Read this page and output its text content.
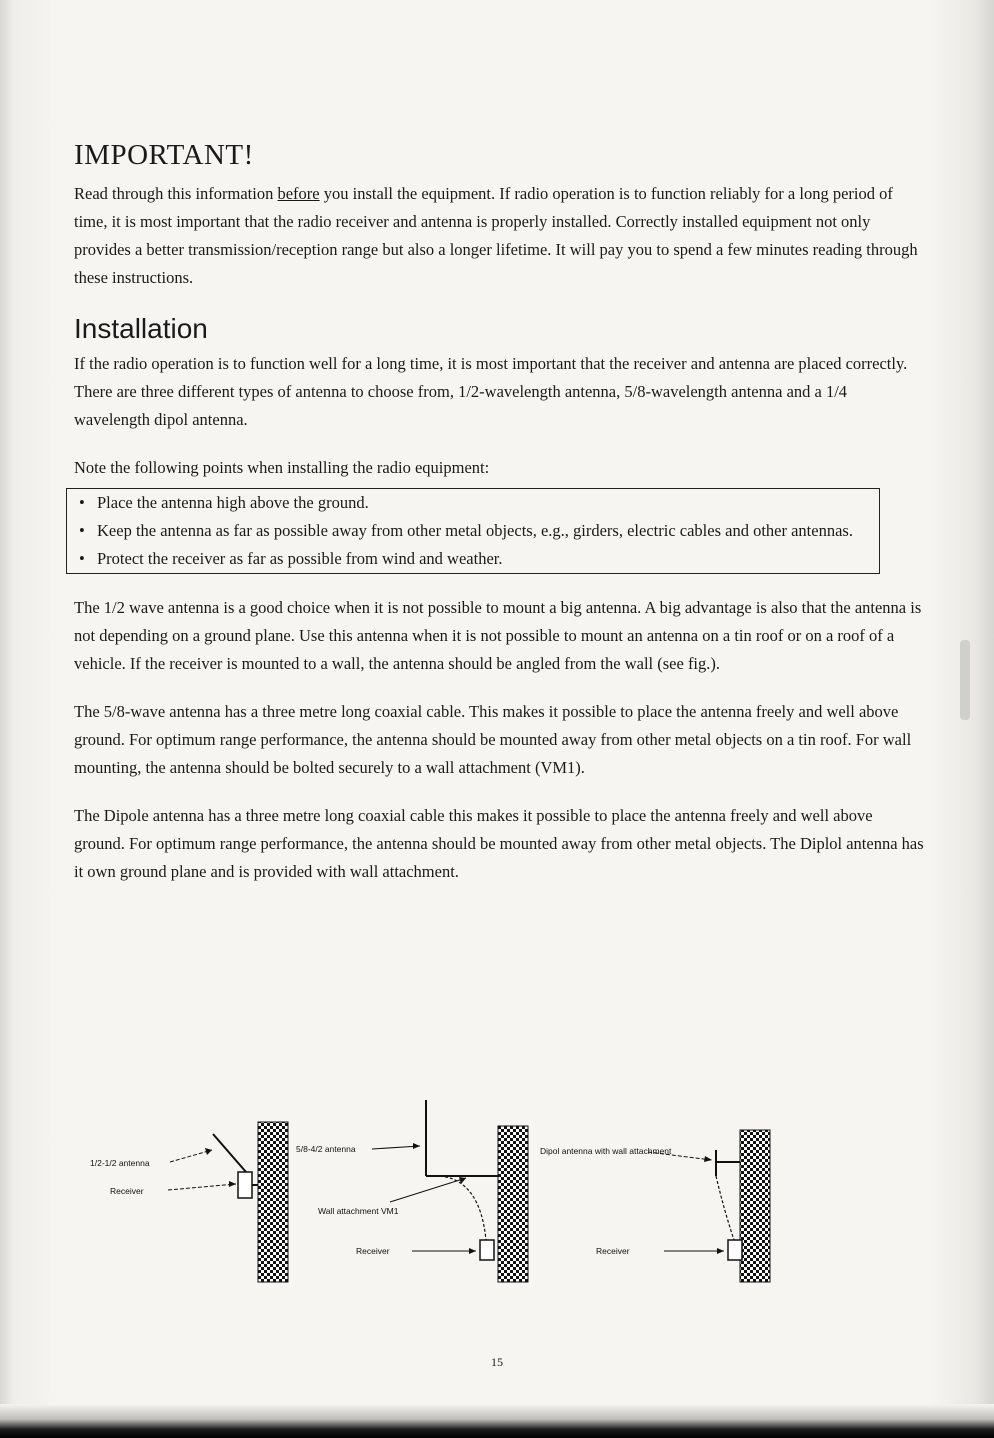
IMPORTANT!

Read through this information before you install the equipment. If radio operation is to function reliably for a long period of time, it is most important that the radio receiver and antenna is properly installed. Correctly installed equipment not only provides a better transmission/reception range but also a longer lifetime. It will pay you to spend a few minutes reading through these instructions.

Installation

If the radio operation is to function well for a long time, it is most important that the receiver and antenna are placed correctly.

There are three different types of antenna to choose from, 1/2-wavelength antenna, 5/8-wavelength antenna and a 1/4 wavelength dipol antenna.

Note the following points when installing the radio equipment:

• Place the antenna high above the ground.
• Keep the antenna as far as possible away from other metal objects, e.g., girders, electric cables and other antennas.
• Protect the receiver as far as possible from wind and weather.

The 1/2 wave antenna is a good choice when it is not possible to mount a big antenna. A big advantage is also that the antenna is not depending on a ground plane. Use this antenna when it is not possible to mount an antenna on a tin roof or on a roof of a vehicle. If the receiver is mounted to a wall, the antenna should be angled from the wall (see fig.).

The 5/8-wave antenna has a three metre long coaxial cable. This makes it possible to place the antenna freely and well above ground. For optimum range performance, the antenna should be mounted away from other metal objects on a tin roof. For wall mounting, the antenna should be bolted securely to a wall attachment (VM1).

The Dipole antenna has a three metre long coaxial cable this makes it possible to place the antenna freely and well above ground. For optimum range performance, the antenna should be mounted away from other metal objects. The Diplol antenna has it own ground plane and is provided with wall attachment.

1/2-1/2 antenna
Receiver
5/8-4/2 antenna
Wall attachment VM1
Receiver
Dipol antenna with wall attachment
Receiver
15
